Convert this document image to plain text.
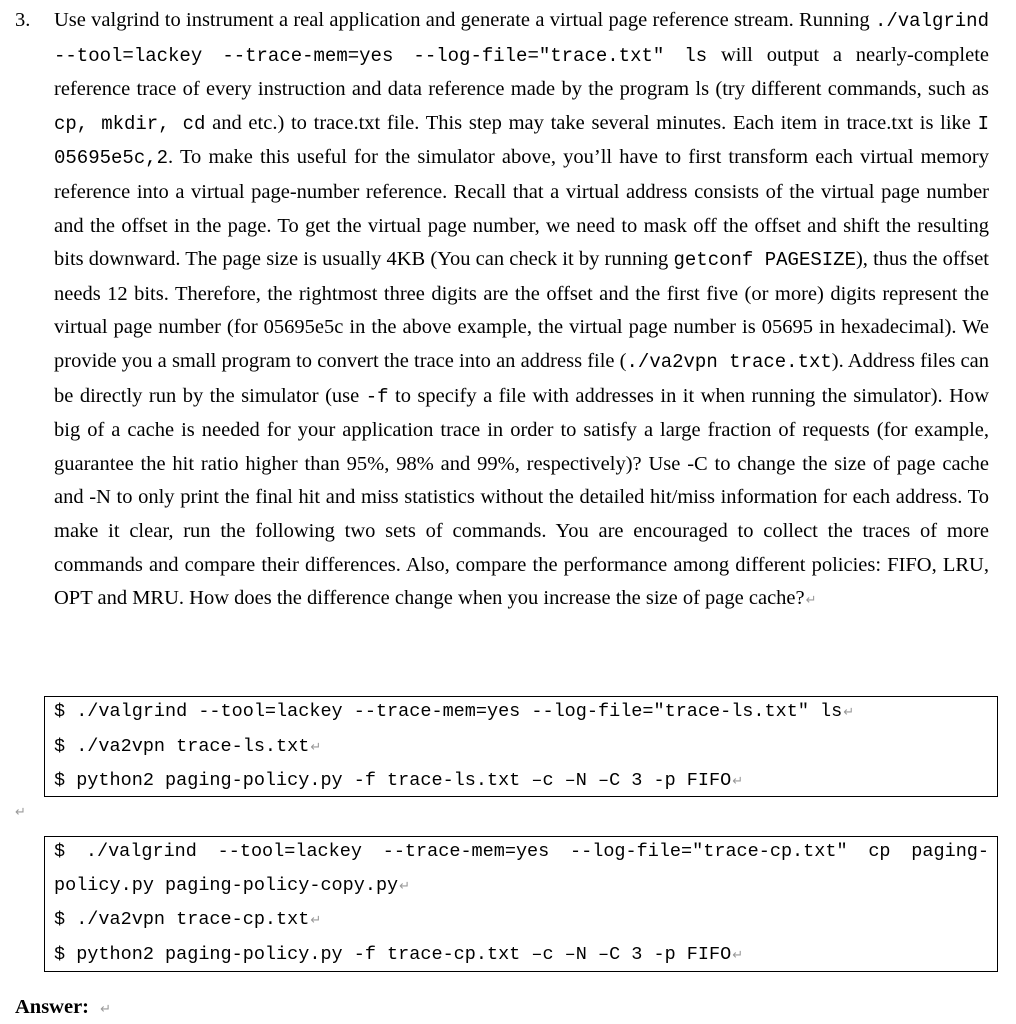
3. Use valgrind to instrument a real application and generate a virtual page reference stream. Running ./valgrind --tool=lackey --trace-mem=yes --log-file="trace.txt" ls will output a nearly-complete reference trace of every instruction and data reference made by the program ls (try different commands, such as cp, mkdir, cd and etc.) to trace.txt file. This step may take several minutes. Each item in trace.txt is like I 05695e5c,2. To make this useful for the simulator above, you’ll have to first transform each virtual memory reference into a virtual page-number reference. Recall that a virtual address consists of the virtual page number and the offset in the page. To get the virtual page number, we need to mask off the offset and shift the resulting bits downward. The page size is usually 4KB (You can check it by running getconf PAGESIZE), thus the offset needs 12 bits. Therefore, the rightmost three digits are the offset and the first five (or more) digits represent the virtual page number (for 05695e5c in the above example, the virtual page number is 05695 in hexadecimal). We provide you a small program to convert the trace into an address file (./va2vpn trace.txt). Address files can be directly run by the simulator (use -f to specify a file with addresses in it when running the simulator). How big of a cache is needed for your application trace in order to satisfy a large fraction of requests (for example, guarantee the hit ratio higher than 95%, 98% and 99%, respectively)? Use -C to change the size of page cache and -N to only print the final hit and miss statistics without the detailed hit/miss information for each address. To make it clear, run the following two sets of commands. You are encouraged to collect the traces of more commands and compare their differences. Also, compare the performance among different policies: FIFO, LRU, OPT and MRU. How does the difference change when you increase the size of page cache?↵
$ ./valgrind --tool=lackey --trace-mem=yes --log-file="trace-ls.txt" ls↵
$ ./va2vpn trace-ls.txt↵
$ python2 paging-policy.py -f trace-ls.txt –c –N –C 3 -p FIFO↵
↵
$ ./valgrind --tool=lackey --trace-mem=yes --log-file="trace-cp.txt" cp paging-
policy.py paging-policy-copy.py↵
$ ./va2vpn trace-cp.txt↵
$ python2 paging-policy.py -f trace-cp.txt –c –N –C 3 -p FIFO↵
Answer: ↵
